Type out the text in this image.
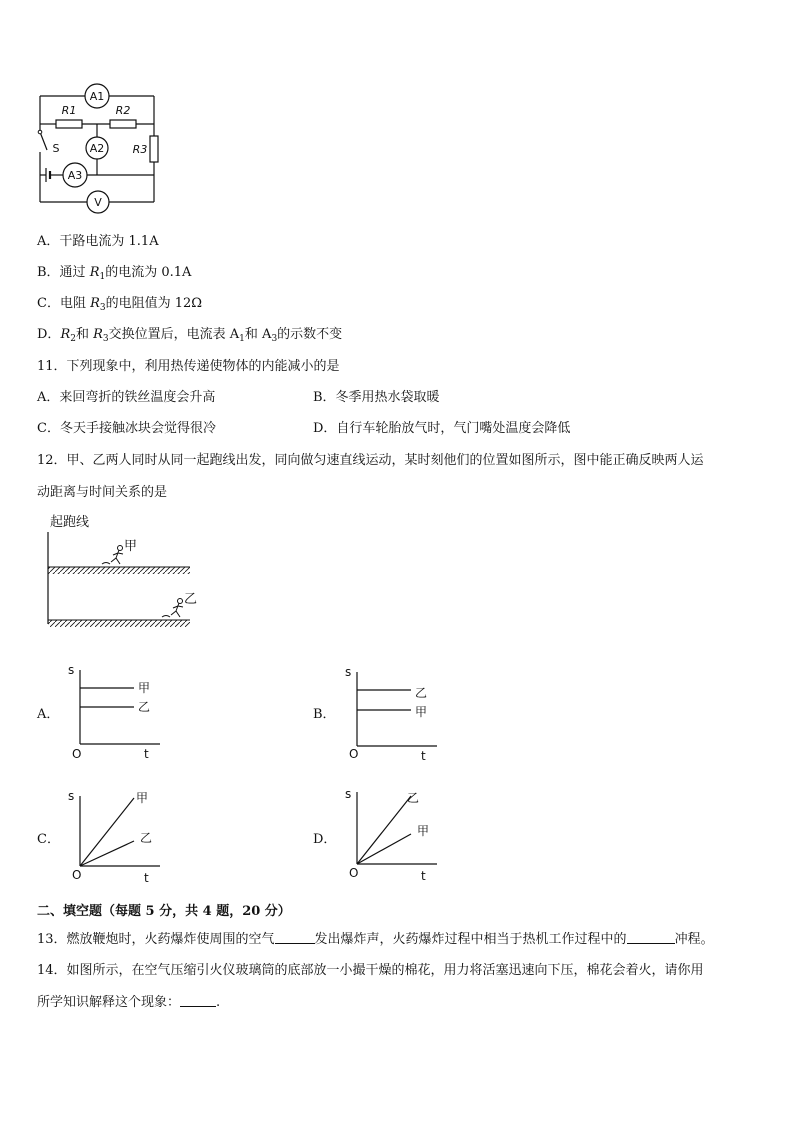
A1
A2
A3
V
R1	R2
R3
S
A．干路电流为 1.1A
B．通过 $R_1$的电流为 0.1A
C．电阻 $R_3$的电阻值为 12Ω
D．$R_2$和 $R_3$交换位置后，电流表 $A_1$和 $A_3$的示数不变
11．下列现象中，利用热传递使物体的内能减小的是
A．来回弯折的铁丝温度会升高	B．冬季用热水袋取暖
C．冬天手接触冰块会觉得很冷	D．自行车轮胎放气时，气门嘴处温度会降低
12．甲、乙两人同时从同一起跑线出发，同向做匀速直线运动，某时刻他们的位置如图所示，图中能正确反映两人运
动距离与时间关系的是
起跑线
甲
乙
A．
s
t
O
甲
乙	B．
s
t
O
乙
甲
C．
s
t
O
甲
乙	D．
s
t
O
乙
甲
二、填空题（每题 5 分，共 4 题，20 分）
13．燃放鞭炮时，火药爆炸使周围的空气	发出爆炸声，火药爆炸过程中相当于热机工作过程中的	冲程。
14．如图所示，在空气压缩引火仪玻璃筒的底部放一小撮干燥的棉花，用力将活塞迅速向下压，棉花会着火，请你用
所学知识解释这个现象：	.
